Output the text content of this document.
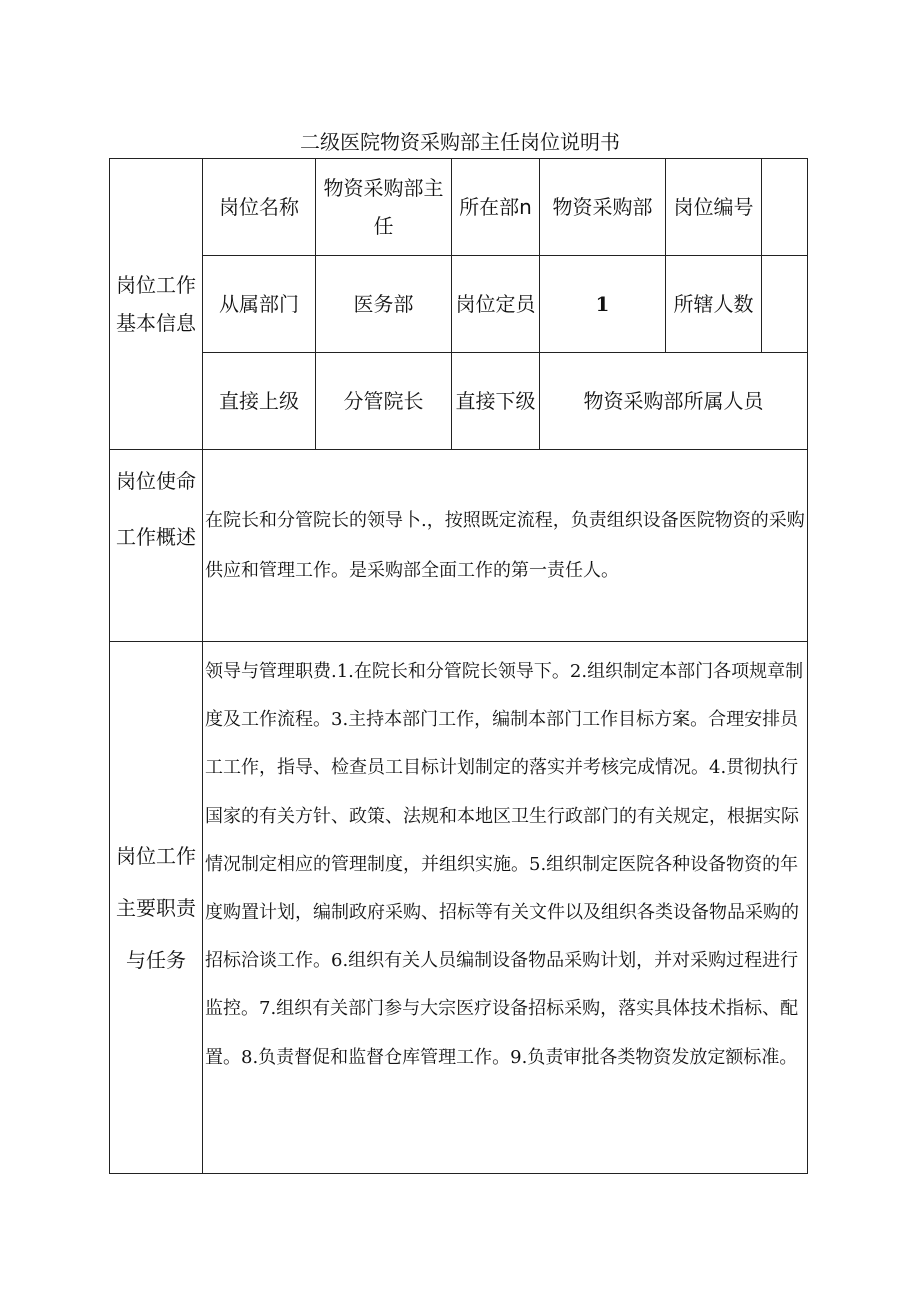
二级医院物资采购部主任岗位说明书
岗位工作基本信息	岗位名称	物资采购部主任	所在部n	物资采购部	岗位编号	
	从属部门	医务部	岗位定员	1	所辖人数	
	直接上级	分管院长	直接下级	物资采购部所属人员		
岗位使命工作概述	在院长和分管院长的领导卜.，按照既定流程，负责组织设备医院物资的采购供应和管理工作。是采购部全面工作的第一责任人。					
岗位工作主要职责与任务	领导与管理职费.1.在院长和分管院长领导下。2.组织制定本部门各项规章制度及工作流程。3.主持本部门工作，编制本部门工作目标方案。合理安排员工工作，指导、检查员工目标计划制定的落实并考核完成情况。4.贯彻执行国家的有关方针、政策、法规和本地区卫生行政部门的有关规定，根据实际情况制定相应的管理制度，并组织实施。5.组织制定医院各种设备物资的年度购置计划，编制政府采购、招标等有关文件以及组织各类设备物品采购的招标洽谈工作。6.组织有关人员编制设备物品采购计划，并对采购过程进行监控。7.组织有关部门参与大宗医疗设备招标采购，落实具体技术指标、配置。8.负责督促和监督仓库管理工作。9.负责审批各类物资发放定额标准。					
